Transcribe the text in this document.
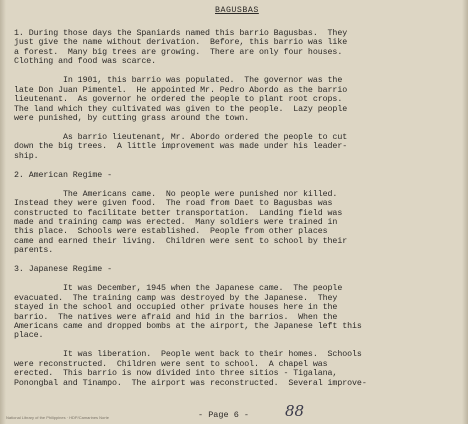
BAGUSBAS
1. During those days the Spaniards named this barrio Bagusbas.  They
just give the name without derivation.  Before, this barrio was like
a forest.  Many big trees are growing.  There are only four houses.
Clothing and food was scarce.
In 1901, this barrio was populated.  The governor was the
late Don Juan Pimentel.  He appointed Mr. Pedro Abordo as the barrio
lieutenant.  As governor he ordered the people to plant root crops.
The land which they cultivated was given to the people.  Lazy people
were punished, by cutting grass around the town.
As barrio lieutenant, Mr. Abordo ordered the people to cut
down the big trees.  A little improvement was made under his leader-
ship.
2. American Regime -
The Americans came.  No people were punished nor killed.
Instead they were given food.  The road from Daet to Bagusbas was
constructed to facilitate better transportation.  Landing field was
made and training camp was erected.  Many soldiers were trained in
this place.  Schools were established.  People from other places
came and earned their living.  Children were sent to school by their
parents.
3. Japanese Regime -
It was December, 1945 when the Japanese came.  The people
evacuated.  The training camp was destroyed by the Japanese.  They
stayed in the school and occupied other private houses here in the
barrio.  The natives were afraid and hid in the barrios.  When the
Americans came and dropped bombs at the airport, the Japanese left this
place.
It was liberation.  People went back to their homes.  Schools
were reconstructed.  Children were sent to school.  A chapel was
erected.  This barrio is now divided into three sitios - Tigalana,
Ponongbal and Tinampo.  The airport was reconstructed.  Several improve-
- Page 6 - 88
National Library of the Philippines · HDP/Camarines Norte
